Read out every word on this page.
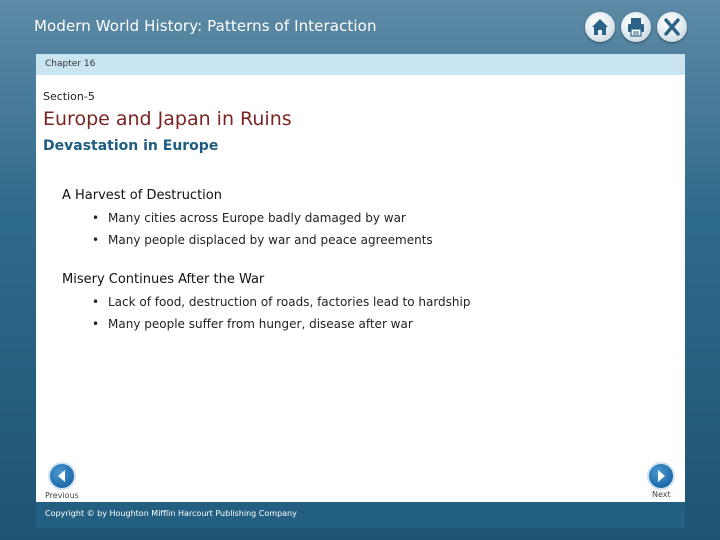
Modern World History: Patterns of Interaction
Chapter 16
Section-5
Europe and Japan in Ruins
Devastation in Europe
A Harvest of Destruction
• Many cities across Europe badly damaged by war
• Many people displaced by war and peace agreements
Misery Continues After the War
• Lack of food, destruction of roads, factories lead to hardship
• Many people suffer from hunger, disease after war
Previous	Next
Copyright © by Houghton Mifflin Harcourt Publishing Company
